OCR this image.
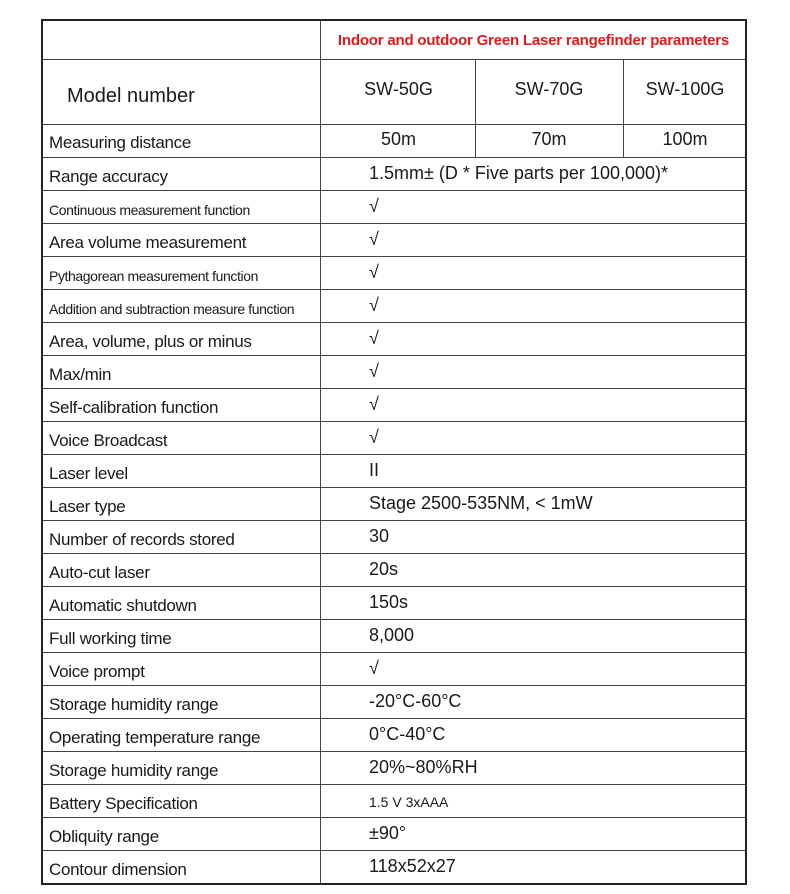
Indoor and outdoor Green Laser rangefinder parameters
Model number	SW-50G	SW-70G	SW-100G
Measuring distance	50m	70m	100m
Range accuracy	1.5mm± (D * Five parts per 100,000)*
Continuous measurement function	√
Area volume measurement	√
Pythagorean measurement function	√
Addition and subtraction measure function	√
Area, volume, plus or minus	√
Max/min	√
Self-calibration function	√
Voice Broadcast	√
Laser level	II
Laser type	Stage 2500-535NM, < 1mW
Number of records stored	30
Auto-cut laser	20s
Automatic shutdown	150s
Full working time	8,000
Voice prompt	√
Storage humidity range	-20°C-60°C
Operating temperature range	0°C-40°C
Storage humidity range	20%~80%RH
Battery Specification	1.5 V 3xAAA
Obliquity range	±90°
Contour dimension	118x52x27
